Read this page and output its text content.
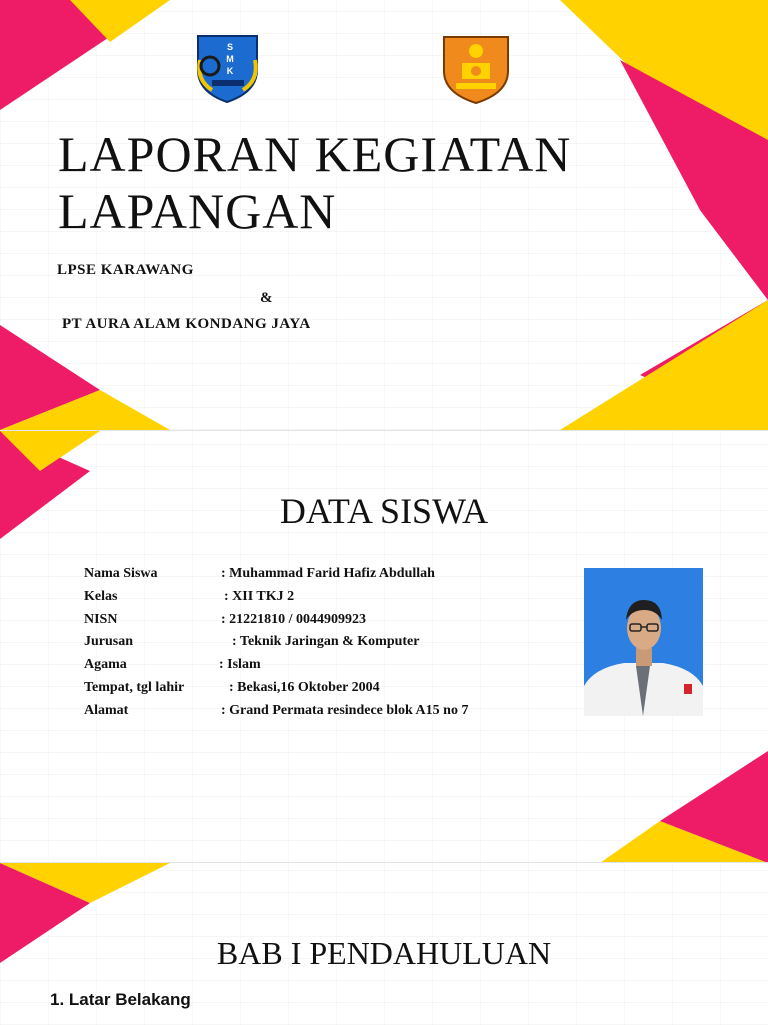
S
M
K
LAPORAN KEGIATAN
LAPANGAN
LPSE KARAWANG
&
PT AURA ALAM KONDANG JAYA
DATA SISWA
Nama Siswa	: Muhammad Farid Hafiz Abdullah
Kelas	: XII TKJ 2
NISN	: 21221810 / 0044909923
Jurusan	: Teknik Jaringan & Komputer
Agama	: Islam
Tempat, tgl lahir	: Bekasi,16 Oktober 2004
Alamat	: Grand Permata resindece blok A15 no 7
BAB I PENDAHULUAN
1. Latar Belakang
